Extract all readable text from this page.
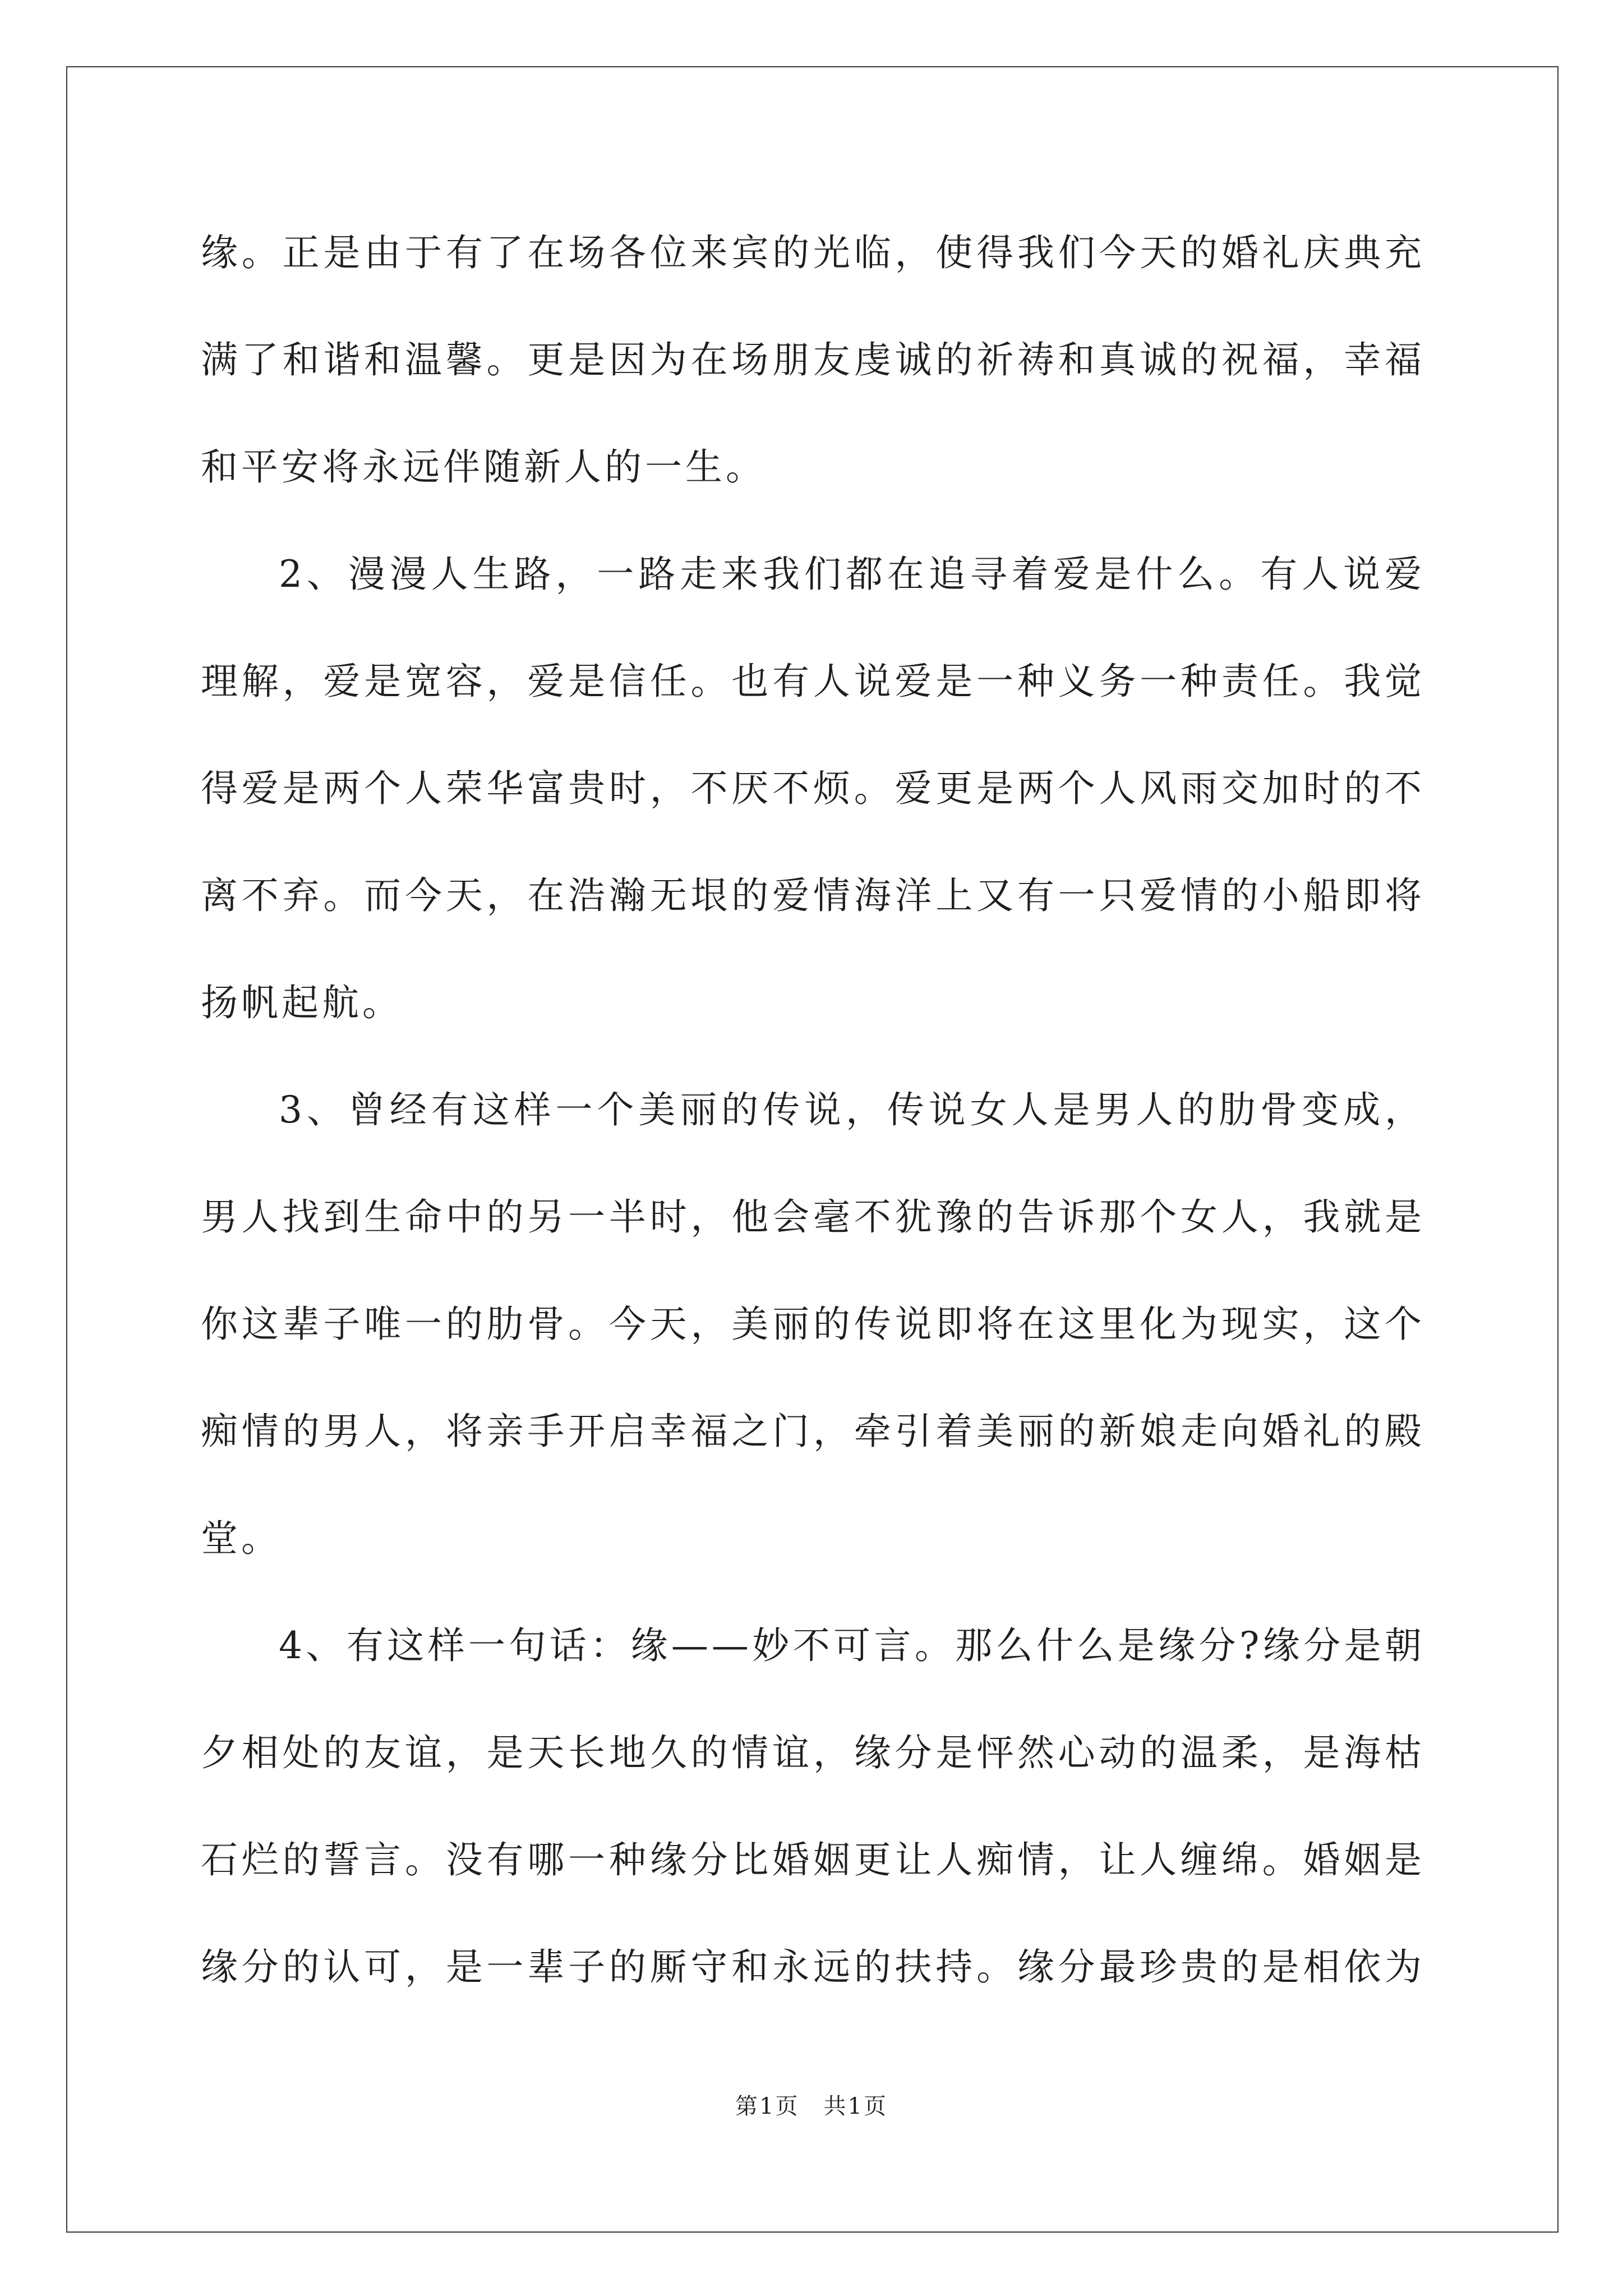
缘。正是由于有了在场各位来宾的光临，使得我们今天的婚礼庆典充
满了和谐和温馨。更是因为在场朋友虔诚的祈祷和真诚的祝福，幸福
和平安将永远伴随新人的一生。
2、漫漫人生路，一路走来我们都在追寻着爱是什么。有人说爱
理解，爱是宽容，爱是信任。也有人说爱是一种义务一种责任。我觉
得爱是两个人荣华富贵时，不厌不烦。爱更是两个人风雨交加时的不
离不弃。而今天，在浩瀚无垠的爱情海洋上又有一只爱情的小船即将
扬帆起航。
3、曾经有这样一个美丽的传说，传说女人是男人的肋骨变成，
男人找到生命中的另一半时，他会毫不犹豫的告诉那个女人，我就是
你这辈子唯一的肋骨。今天，美丽的传说即将在这里化为现实，这个
痴情的男人，将亲手开启幸福之门，牵引着美丽的新娘走向婚礼的殿
堂。
4、有这样一句话：缘——妙不可言。那么什么是缘分?缘分是朝
夕相处的友谊，是天长地久的情谊，缘分是怦然心动的温柔，是海枯
石烂的誓言。没有哪一种缘分比婚姻更让人痴情，让人缠绵。婚姻是
缘分的认可，是一辈子的厮守和永远的扶持。缘分最珍贵的是相依为
第1页　共1页
